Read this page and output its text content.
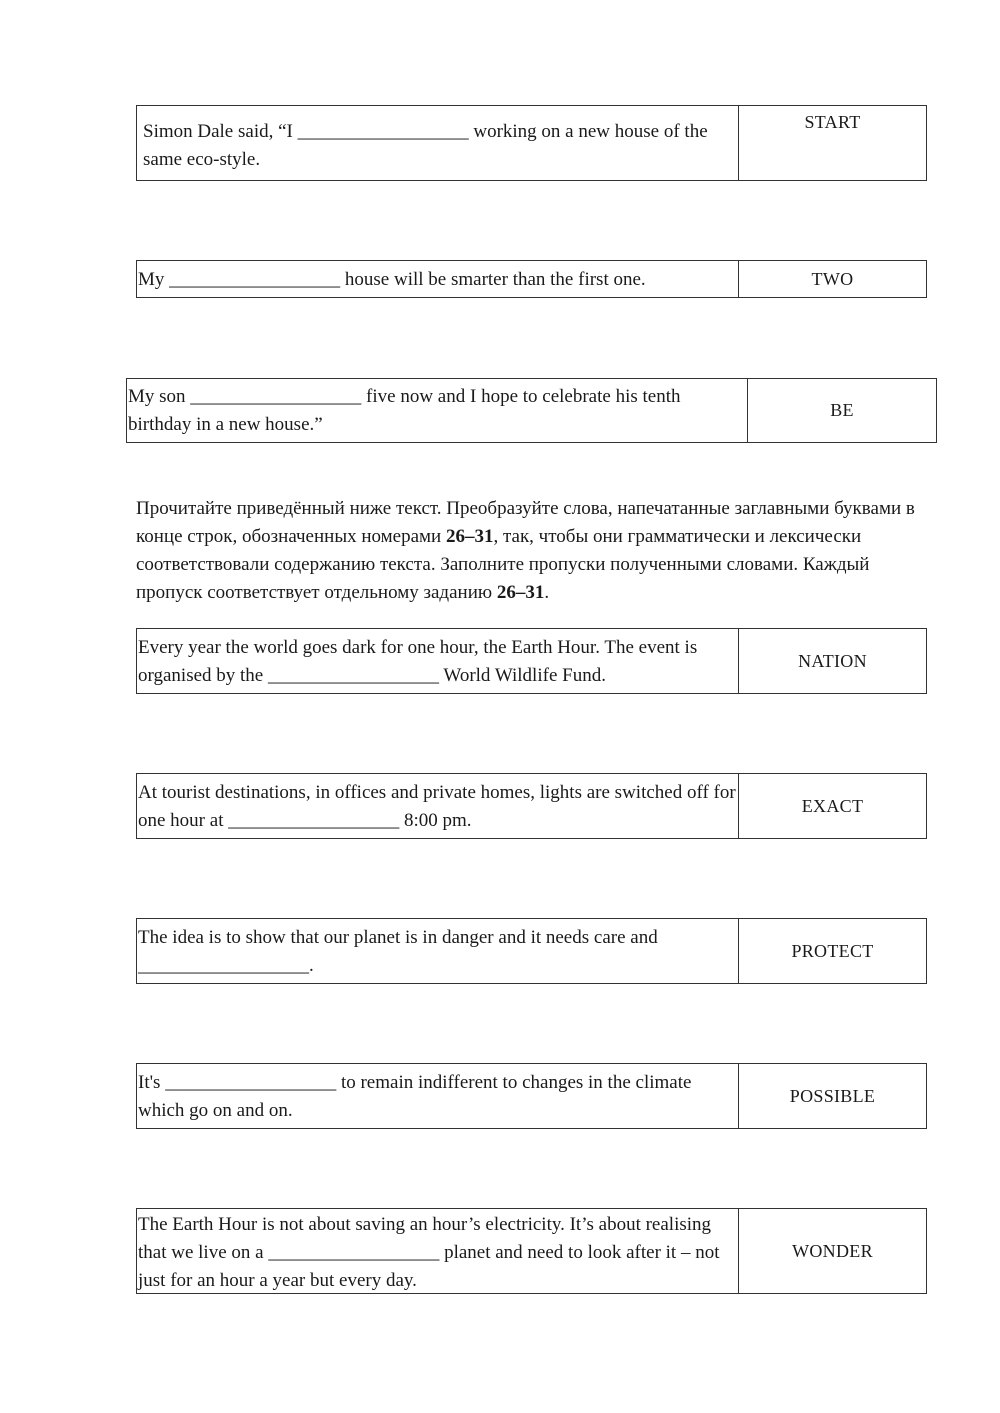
Simon Dale said, “I __________________ working on a new house of the same eco-style.
START
My __________________ house will be smarter than the first one.	TWO
My son __________________ five now and I hope to celebrate his tenth birthday in a new house.”
BE
Прочитайте приведённый ниже текст. Преобразуйте слова, напечатанные заглавными буквами в конце строк, обозначенных номерами 26–31, так, чтобы они грамматически и лексически соответствовали содержанию текста. Заполните пропуски полученными словами. Каждый пропуск соответствует отдельному заданию 26–31.
Every year the world goes dark for one hour, the Earth Hour. The event is organised by the __________________ World Wildlife Fund.
NATION
At tourist destinations, in offices and private homes, lights are switched off for one hour at __________________ 8:00 pm.
EXACT
The idea is to show that our planet is in danger and it needs care and __________________.
PROTECT
It's __________________ to remain indifferent to changes in the climate which go on and on.
POSSIBLE
The Earth Hour is not about saving an hour’s electricity. It’s about realising that we live on a __________________ planet and need to look after it – not just for an hour a year but every day.
WONDER
